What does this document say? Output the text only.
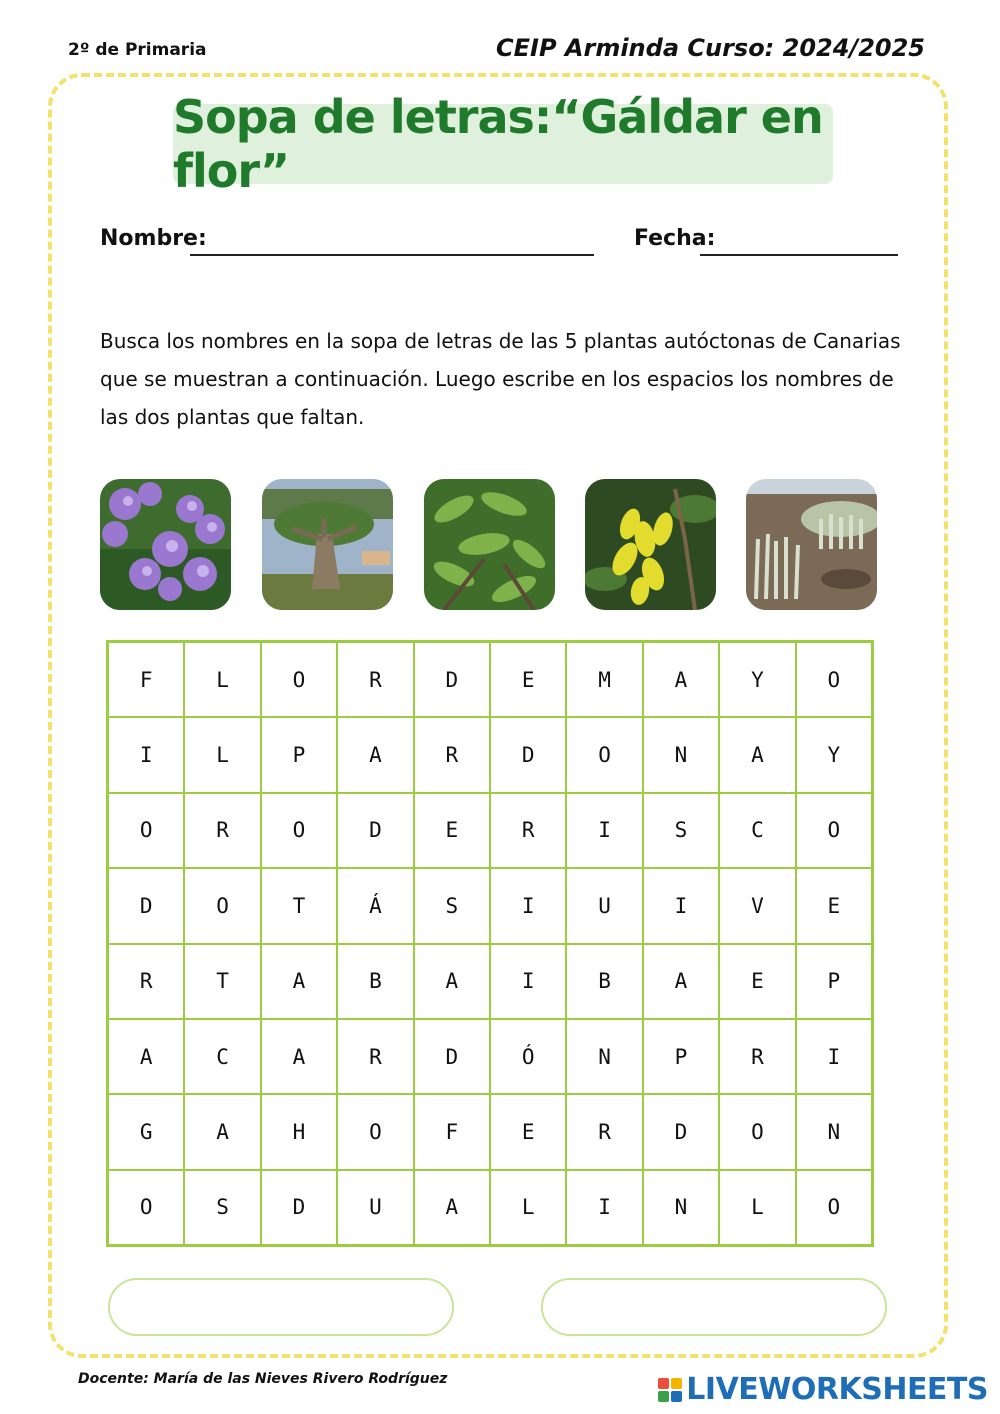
2º de Primaria	CEIP Arminda Curso: 2024/2025
Sopa de letras:“Gáldar en flor”
Nombre:	Fecha:
Busca los nombres en la sopa de letras de las 5 plantas autóctonas de Canarias que se muestran a continuación. Luego escribe en los espacios los nombres de las dos plantas que faltan.
F	L	O	R	D	E	M	A	Y	O
I	L	P	A	R	D	O	N	A	Y
O	R	O	D	E	R	I	S	C	O
D	O	T	Á	S	I	U	I	V	E
R	T	A	B	A	I	B	A	E	P
A	C	A	R	D	Ó	N	P	R	I
G	A	H	O	F	E	R	D	O	N
O	S	D	U	A	L	I	N	L	O
Docente: María de las Nieves Rivero Rodríguez	LIVEWORKSHEETS
